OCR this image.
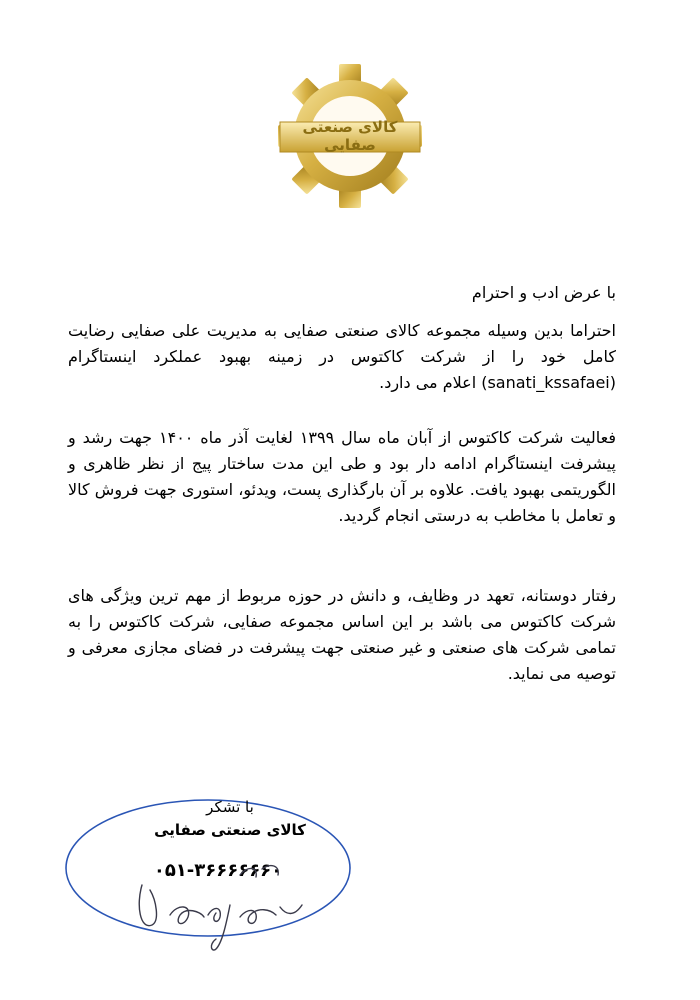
کالای صنعتی صفایی
با عرض ادب و احترام

احتراما بدین وسیله مجموعه کالای صنعتی صفایی به مدیریت علی صفایی رضایت کامل خود را از شرکت کاکتوس در زمینه بهبود عملکرد اینستاگرام (sanati_kssafaei) اعلام می دارد.

فعالیت شرکت کاکتوس از آبان ماه سال ۱۳۹۹ لغایت آذر ماه ۱۴۰۰ جهت رشد و پیشرفت اینستاگرام ادامه دار بود و طی این مدت ساختار پیج از نظر ظاهری و الگوریتمی بهبود یافت. علاوه بر آن بارگذاری پست، ویدئو، استوری جهت فروش کالا و تعامل با مخاطب به درستی انجام گردید.

رفتار دوستانه، تعهد در وظایف، و دانش در حوزه مربوط از مهم ترین ویژگی های شرکت کاکتوس می باشد بر این اساس مجموعه صفایی، شرکت کاکتوس را به تمامی شرکت های صنعتی و غیر صنعتی جهت پیشرفت در فضای مجازی معرفی و توصیه می نماید.

با تشکر
کالای صنعتی صفایی
۰۵۱-۳۶۶۶۶۶۶۰
